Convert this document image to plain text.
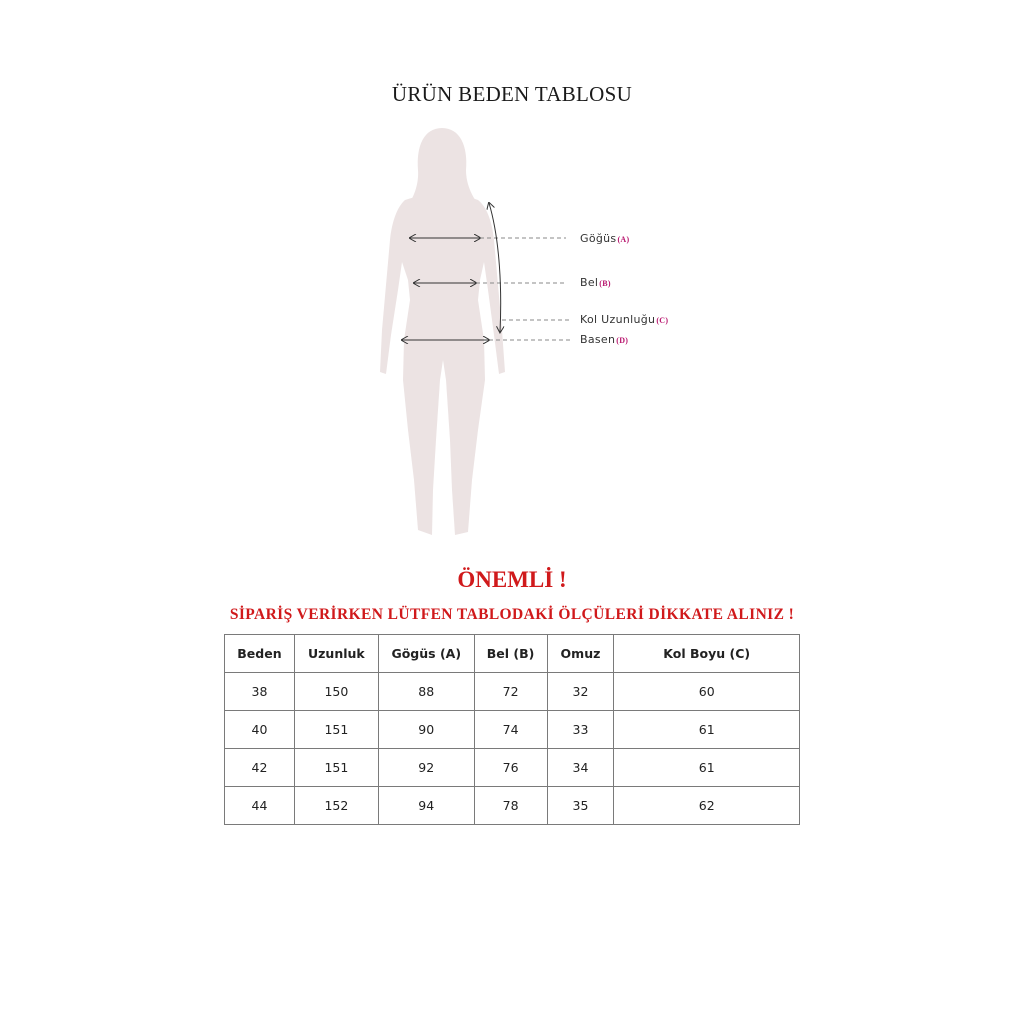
ÜRÜN BEDEN TABLOSU
Göğüs(A)
Bel(B)
Kol Uzunluğu(C)
Basen(D)
ÖNEMLİ !
SİPARİŞ VERİRKEN LÜTFEN TABLODAKİ ÖLÇÜLERİ DİKKATE ALINIZ !
Beden	Uzunluk	Gögüs (A)	Bel (B)	Omuz	Kol Boyu (C)
38	150	88	72	32	60
40	151	90	74	33	61
42	151	92	76	34	61
44	152	94	78	35	62
